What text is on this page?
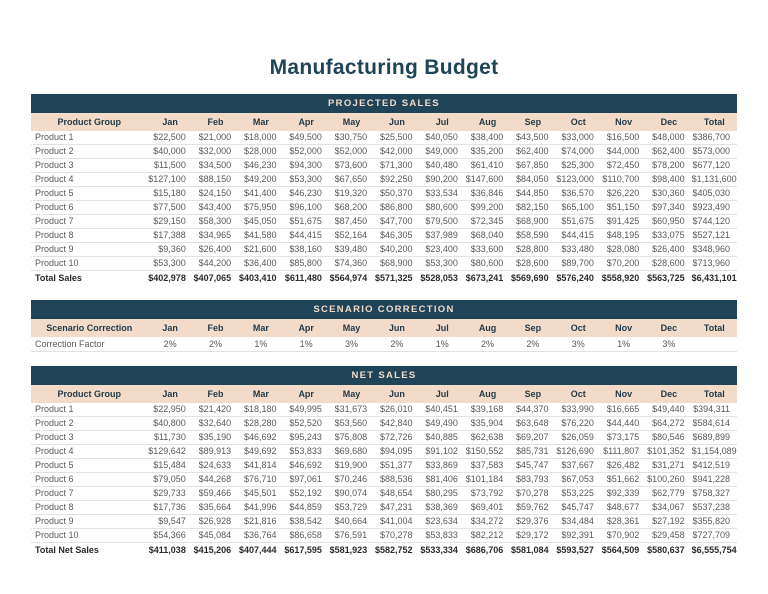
Manufacturing Budget
PROJECTED SALES
Product Group	Jan	Feb	Mar	Apr	May	Jun	Jul	Aug	Sep	Oct	Nov	Dec	Total
Product 1	$22,500	$21,000	$18,000	$49,500	$30,750	$25,500	$40,050	$38,400	$43,500	$33,000	$16,500	$48,000	$386,700
Product 2	$40,000	$32,000	$28,000	$52,000	$52,000	$42,000	$49,000	$35,200	$62,400	$74,000	$44,000	$62,400	$573,000
Product 3	$11,500	$34,500	$46,230	$94,300	$73,600	$71,300	$40,480	$61,410	$67,850	$25,300	$72,450	$78,200	$677,120
Product 4	$127,100	$88,150	$49,200	$53,300	$67,650	$92,250	$90,200	$147,600	$84,050	$123,000	$110,700	$98,400	$1,131,600
Product 5	$15,180	$24,150	$41,400	$46,230	$19,320	$50,370	$33,534	$36,846	$44,850	$36,570	$26,220	$30,360	$405,030
Product 6	$77,500	$43,400	$75,950	$96,100	$68,200	$86,800	$80,600	$99,200	$82,150	$65,100	$51,150	$97,340	$923,490
Product 7	$29,150	$58,300	$45,050	$51,675	$87,450	$47,700	$79,500	$72,345	$68,900	$51,675	$91,425	$60,950	$744,120
Product 8	$17,388	$34,965	$41,580	$44,415	$52,164	$46,305	$37,989	$68,040	$58,590	$44,415	$48,195	$33,075	$527,121
Product 9	$9,360	$26,400	$21,600	$38,160	$39,480	$40,200	$23,400	$33,600	$28,800	$33,480	$28,080	$26,400	$348,960
Product 10	$53,300	$44,200	$36,400	$85,800	$74,360	$68,900	$53,300	$80,600	$28,600	$89,700	$70,200	$28,600	$713,960
Total Sales	$402,978	$407,065	$403,410	$611,480	$564,974	$571,325	$528,053	$673,241	$569,690	$576,240	$558,920	$563,725	$6,431,101
SCENARIO CORRECTION
Scenario Correction	Jan	Feb	Mar	Apr	May	Jun	Jul	Aug	Sep	Oct	Nov	Dec	Total
Correction Factor	2%	2%	1%	1%	3%	2%	1%	2%	2%	3%	1%	3%	
NET SALES
Product Group	Jan	Feb	Mar	Apr	May	Jun	Jul	Aug	Sep	Oct	Nov	Dec	Total
Product 1	$22,950	$21,420	$18,180	$49,995	$31,673	$26,010	$40,451	$39,168	$44,370	$33,990	$16,665	$49,440	$394,311
Product 2	$40,800	$32,640	$28,280	$52,520	$53,560	$42,840	$49,490	$35,904	$63,648	$76,220	$44,440	$64,272	$584,614
Product 3	$11,730	$35,190	$46,692	$95,243	$75,808	$72,726	$40,885	$62,638	$69,207	$26,059	$73,175	$80,546	$689,899
Product 4	$129,642	$89,913	$49,692	$53,833	$69,680	$94,095	$91,102	$150,552	$85,731	$126,690	$111,807	$101,352	$1,154,089
Product 5	$15,484	$24,633	$41,814	$46,692	$19,900	$51,377	$33,869	$37,583	$45,747	$37,667	$26,482	$31,271	$412,519
Product 6	$79,050	$44,268	$76,710	$97,061	$70,246	$88,536	$81,406	$101,184	$83,793	$67,053	$51,662	$100,260	$941,228
Product 7	$29,733	$59,466	$45,501	$52,192	$90,074	$48,654	$80,295	$73,792	$70,278	$53,225	$92,339	$62,779	$758,327
Product 8	$17,736	$35,664	$41,996	$44,859	$53,729	$47,231	$38,369	$69,401	$59,762	$45,747	$48,677	$34,067	$537,238
Product 9	$9,547	$26,928	$21,816	$38,542	$40,664	$41,004	$23,634	$34,272	$29,376	$34,484	$28,361	$27,192	$355,820
Product 10	$54,366	$45,084	$36,764	$86,658	$76,591	$70,278	$53,833	$82,212	$29,172	$92,391	$70,902	$29,458	$727,709
Total Net Sales	$411,038	$415,206	$407,444	$617,595	$581,923	$582,752	$533,334	$686,706	$581,084	$593,527	$564,509	$580,637	$6,555,754
